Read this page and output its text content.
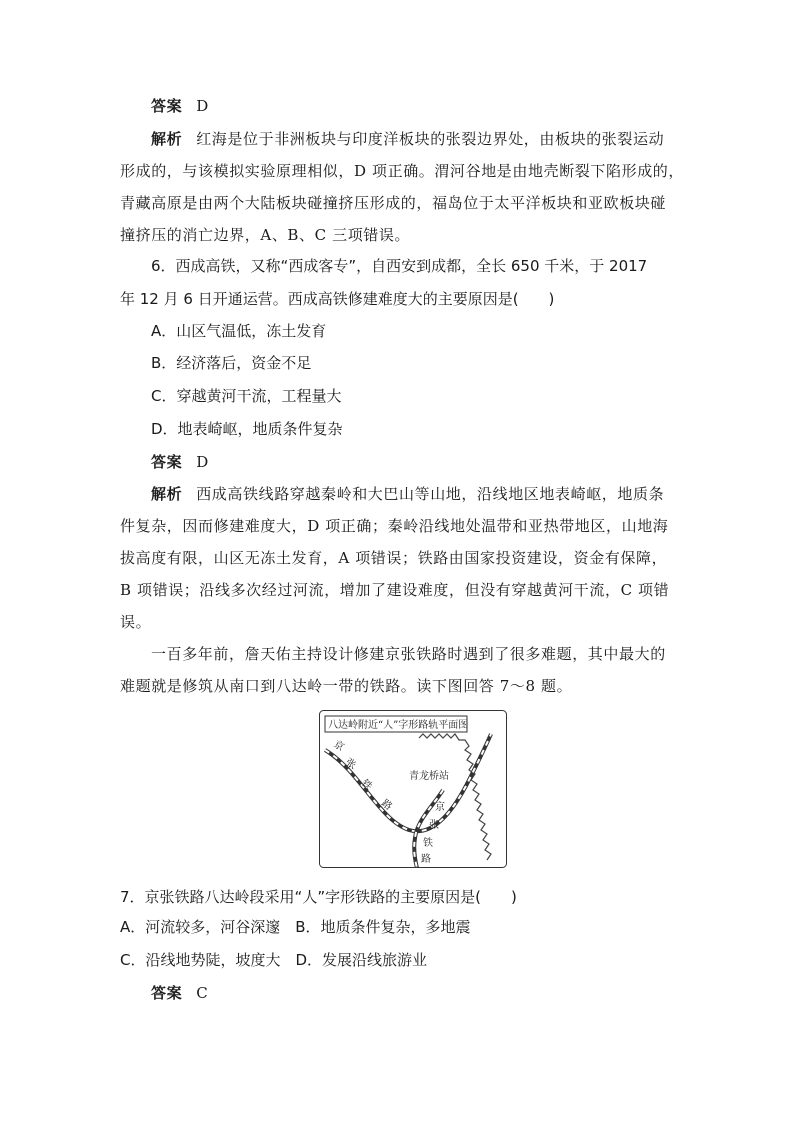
答案 D
解析 红海是位于非洲板块与印度洋板块的张裂边界处，由板块的张裂运动
形成的，与该模拟实验原理相似，D 项正确。渭河谷地是由地壳断裂下陷形成的，
青藏高原是由两个大陆板块碰撞挤压形成的，福岛位于太平洋板块和亚欧板块碰
撞挤压的消亡边界，A、B、C 三项错误。
6．西成高铁，又称“西成客专”，自西安到成都，全长 650 千米，于 2017
年 12 月 6 日开通运营。西成高铁修建难度大的主要原因是(　　)
A．山区气温低，冻土发育
B．经济落后，资金不足
C．穿越黄河干流，工程量大
D．地表崎岖，地质条件复杂
答案 D
解析 西成高铁线路穿越秦岭和大巴山等山地，沿线地区地表崎岖，地质条
件复杂，因而修建难度大，D 项正确；秦岭沿线地处温带和亚热带地区，山地海
拔高度有限，山区无冻土发育，A 项错误；铁路由国家投资建设，资金有保障，
B 项错误；沿线多次经过河流，增加了建设难度，但没有穿越黄河干流，C 项错
误。
一百多年前，詹天佑主持设计修建京张铁路时遇到了很多难题，其中最大的
难题就是修筑从南口到八达岭一带的铁路。读下图回答 7～8 题。
八达岭附近“人”字形路轨平面图
青龙桥站
京
张
铁
路	京
张
铁
路
7．京张铁路八达岭段采用“人”字形铁路的主要原因是(　　)
A．河流较多，河谷深邃　B．地质条件复杂，多地震
C．沿线地势陡，坡度大　D．发展沿线旅游业
答案 C
